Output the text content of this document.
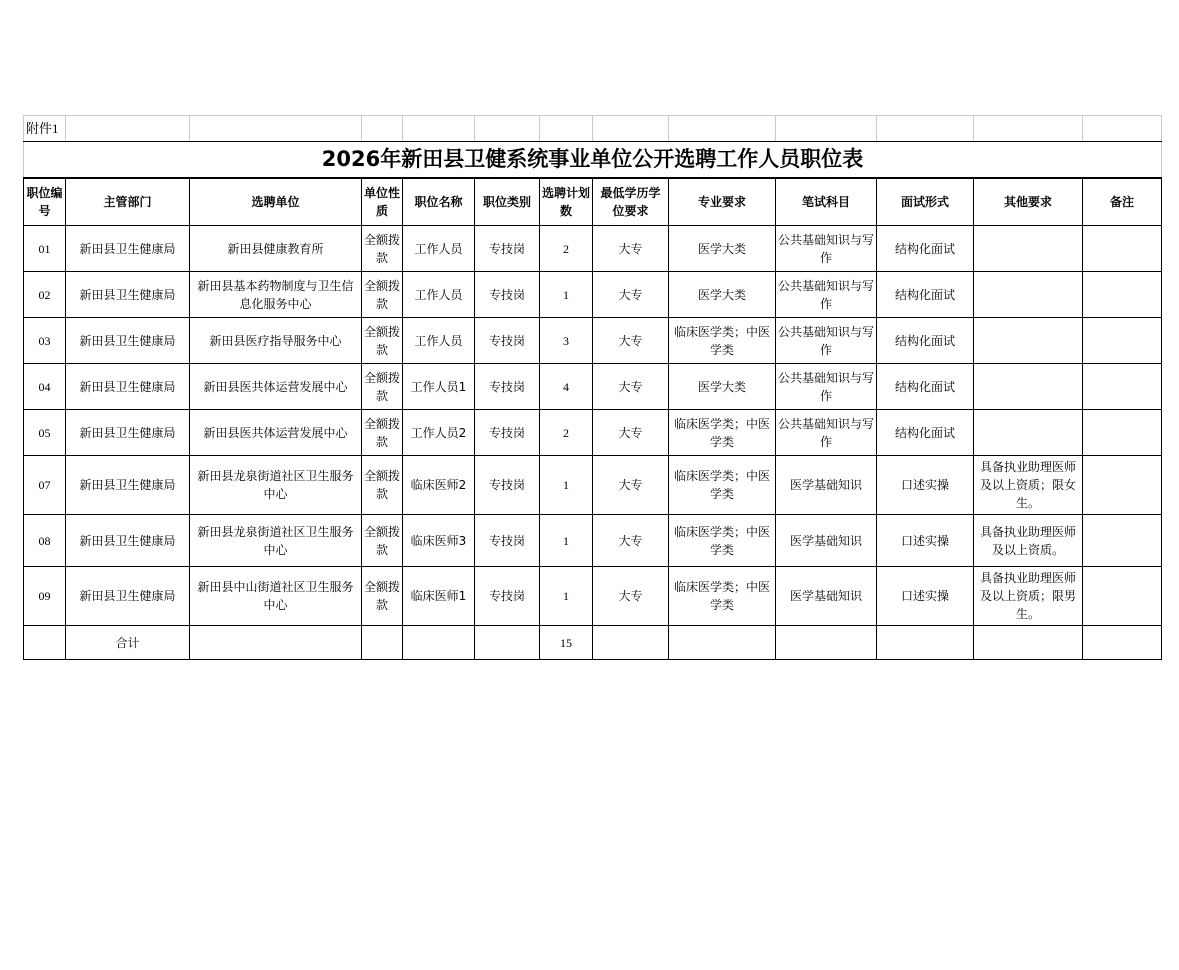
附件1												
2026年新田县卫健系统事业单位公开选聘工作人员职位表												
职位编号	主管部门	选聘单位	单位性质	职位名称	职位类别	选聘计划数	最低学历学位要求	专业要求	笔试科目	面试形式	其他要求	备注
01	新田县卫生健康局	新田县健康教育所	全额拨款	工作人员	专技岗	2	大专	医学大类	公共基础知识与写作	结构化面试		
02	新田县卫生健康局	新田县基本药物制度与卫生信息化服务中心	全额拨款	工作人员	专技岗	1	大专	医学大类	公共基础知识与写作	结构化面试		
03	新田县卫生健康局	新田县医疗指导服务中心	全额拨款	工作人员	专技岗	3	大专	临床医学类；中医学类	公共基础知识与写作	结构化面试		
04	新田县卫生健康局	新田县医共体运营发展中心	全额拨款	工作人员1	专技岗	4	大专	医学大类	公共基础知识与写作	结构化面试		
05	新田县卫生健康局	新田县医共体运营发展中心	全额拨款	工作人员2	专技岗	2	大专	临床医学类；中医学类	公共基础知识与写作	结构化面试		
07	新田县卫生健康局	新田县龙泉街道社区卫生服务中心	全额拨款	临床医师2	专技岗	1	大专	临床医学类；中医学类	医学基础知识	口述实操	具备执业助理医师及以上资质；限女生。	
08	新田县卫生健康局	新田县龙泉街道社区卫生服务中心	全额拨款	临床医师3	专技岗	1	大专	临床医学类；中医学类	医学基础知识	口述实操	具备执业助理医师及以上资质。	
09	新田县卫生健康局	新田县中山街道社区卫生服务中心	全额拨款	临床医师1	专技岗	1	大专	临床医学类；中医学类	医学基础知识	口述实操	具备执业助理医师及以上资质；限男生。	
	合计					15						
